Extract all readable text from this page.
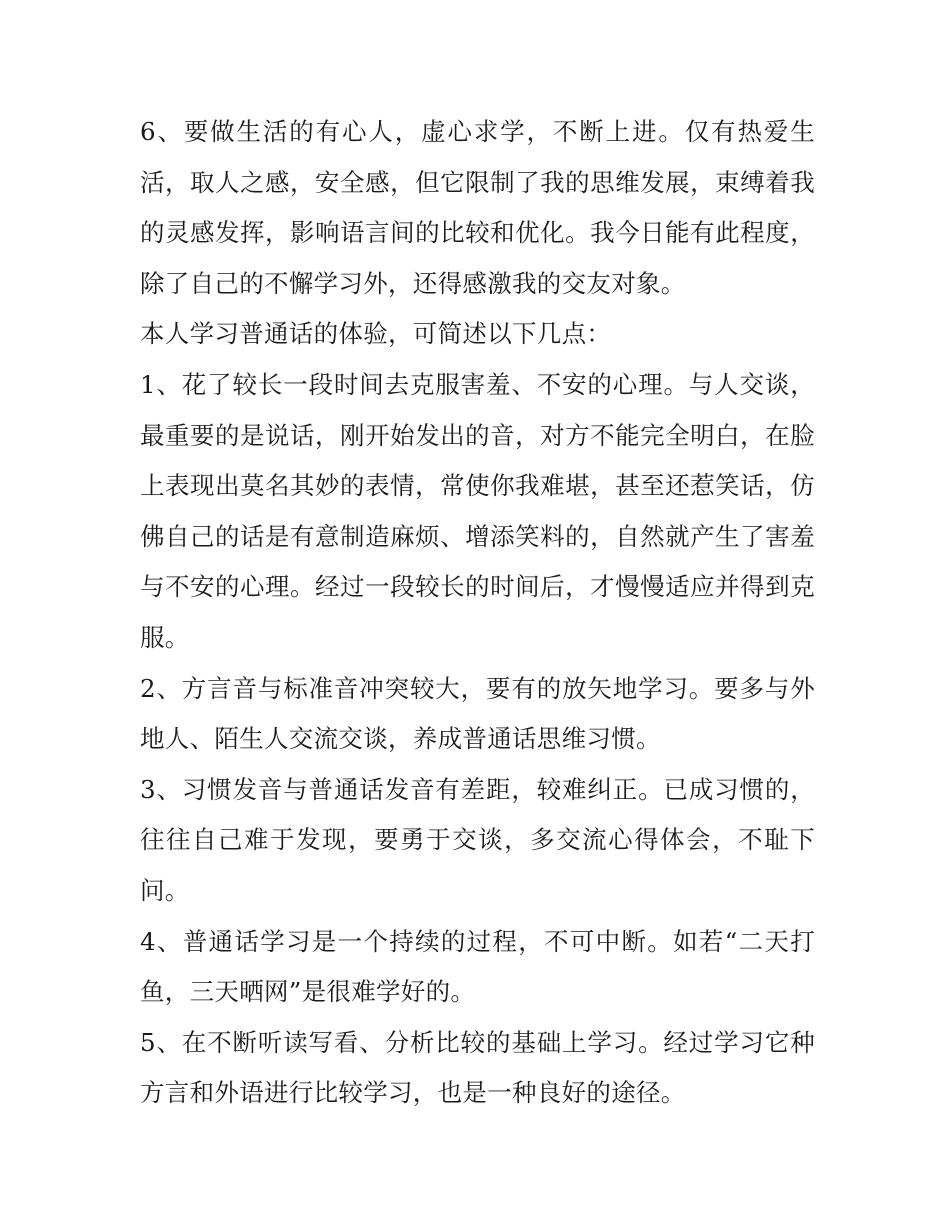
6、要做生活的有心人，虚心求学，不断上进。仅有热爱生活，取人之感，安全感，但它限制了我的思维发展，束缚着我的灵感发挥，影响语言间的比较和优化。我今日能有此程度，除了自己的不懈学习外，还得感激我的交友对象。

本人学习普通话的体验，可简述以下几点：

1、花了较长一段时间去克服害羞、不安的心理。与人交谈，最重要的是说话，刚开始发出的音，对方不能完全明白，在脸上表现出莫名其妙的表情，常使你我难堪，甚至还惹笑话，仿佛自己的话是有意制造麻烦、增添笑料的，自然就产生了害羞与不安的心理。经过一段较长的时间后，才慢慢适应并得到克服。

2、方言音与标准音冲突较大，要有的放矢地学习。要多与外地人、陌生人交流交谈，养成普通话思维习惯。

3、习惯发音与普通话发音有差距，较难纠正。已成习惯的，往往自己难于发现，要勇于交谈，多交流心得体会，不耻下问。

4、普通话学习是一个持续的过程，不可中断。如若“二天打鱼，三天晒网”是很难学好的。

5、在不断听读写看、分析比较的基础上学习。经过学习它种方言和外语进行比较学习，也是一种良好的途径。
